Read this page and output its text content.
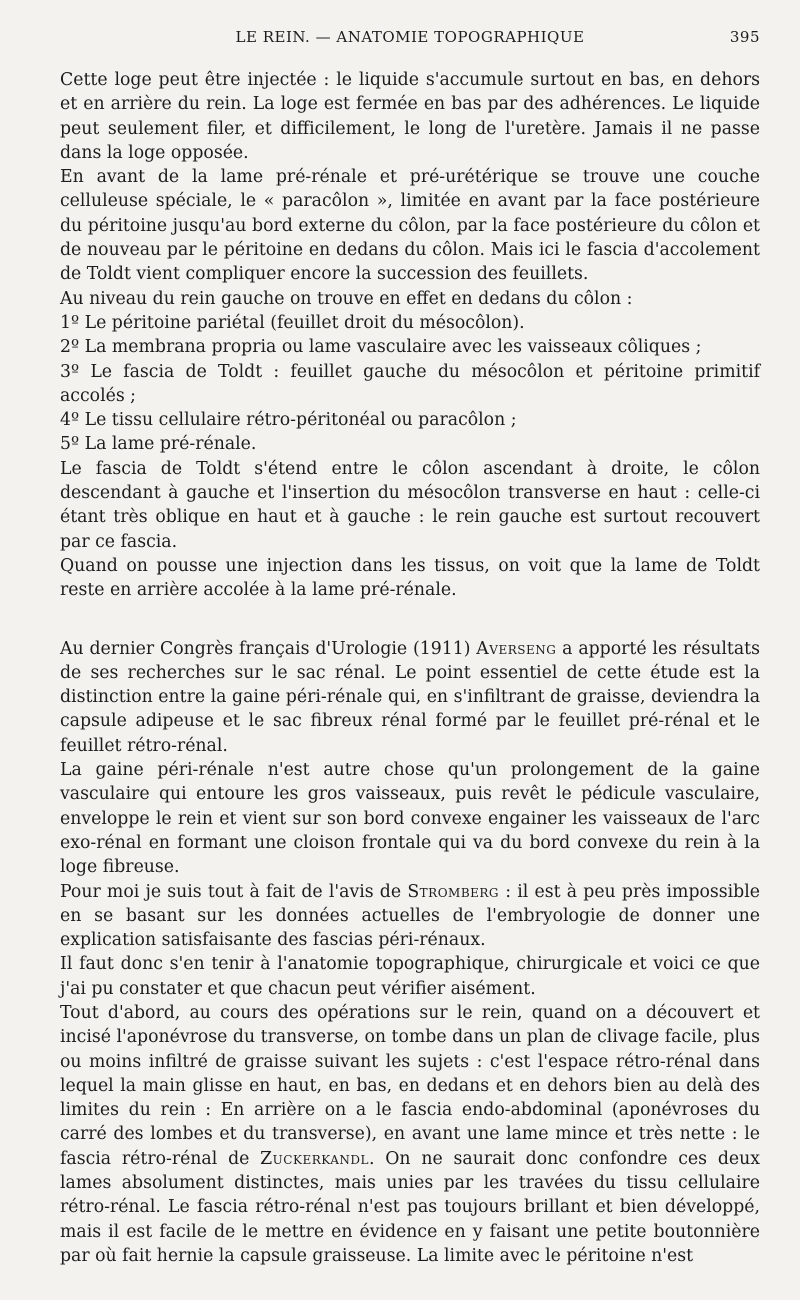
LE REIN. — ANATOMIE TOPOGRAPHIQUE	395

Cette loge peut être injectée : le liquide s'accumule surtout en bas, en dehors et en arrière du rein. La loge est fermée en bas par des adhérences. Le liquide peut seulement filer, et difficilement, le long de l'uretère. Jamais il ne passe dans la loge opposée.

En avant de la lame pré-rénale et pré-urétérique se trouve une couche celluleuse spéciale, le « paracôlon », limitée en avant par la face postérieure du péritoine jusqu'au bord externe du côlon, par la face postérieure du côlon et de nouveau par le péritoine en dedans du côlon. Mais ici le fascia d'accolement de Toldt vient compliquer encore la succession des feuillets.

Au niveau du rein gauche on trouve en effet en dedans du côlon :

1º Le péritoine pariétal (feuillet droit du mésocôlon).

2º La membrana propria ou lame vasculaire avec les vaisseaux côliques ;

3º Le fascia de Toldt : feuillet gauche du mésocôlon et péritoine primitif accolés ;

4º Le tissu cellulaire rétro-péritonéal ou paracôlon ;

5º La lame pré-rénale.

Le fascia de Toldt s'étend entre le côlon ascendant à droite, le côlon descendant à gauche et l'insertion du mésocôlon transverse en haut : celle-ci étant très oblique en haut et à gauche : le rein gauche est surtout recouvert par ce fascia.

Quand on pousse une injection dans les tissus, on voit que la lame de Toldt reste en arrière accolée à la lame pré-rénale.

Au dernier Congrès français d'Urologie (1911) Averseng a apporté les résultats de ses recherches sur le sac rénal. Le point essentiel de cette étude est la distinction entre la gaine péri-rénale qui, en s'infiltrant de graisse, deviendra la capsule adipeuse et le sac fibreux rénal formé par le feuillet pré-rénal et le feuillet rétro-rénal.

La gaine péri-rénale n'est autre chose qu'un prolongement de la gaine vasculaire qui entoure les gros vaisseaux, puis revêt le pédicule vasculaire, enveloppe le rein et vient sur son bord convexe engainer les vaisseaux de l'arc exo-rénal en formant une cloison frontale qui va du bord convexe du rein à la loge fibreuse.

Pour moi je suis tout à fait de l'avis de Stromberg : il est à peu près impossible en se basant sur les données actuelles de l'embryologie de donner une explication satisfaisante des fascias péri-rénaux.

Il faut donc s'en tenir à l'anatomie topographique, chirurgicale et voici ce que j'ai pu constater et que chacun peut vérifier aisément.

Tout d'abord, au cours des opérations sur le rein, quand on a découvert et incisé l'aponévrose du transverse, on tombe dans un plan de clivage facile, plus ou moins infiltré de graisse suivant les sujets : c'est l'espace rétro-rénal dans lequel la main glisse en haut, en bas, en dedans et en dehors bien au delà des limites du rein : En arrière on a le fascia endo-abdominal (aponévroses du carré des lombes et du transverse), en avant une lame mince et très nette : le fascia rétro-rénal de Zuckerkandl. On ne saurait donc confondre ces deux lames absolument distinctes, mais unies par les travées du tissu cellulaire rétro-rénal. Le fascia rétro-rénal n'est pas toujours brillant et bien développé, mais il est facile de le mettre en évidence en y faisant une petite boutonnière par où fait hernie la capsule graisseuse. La limite avec le péritoine n'est
